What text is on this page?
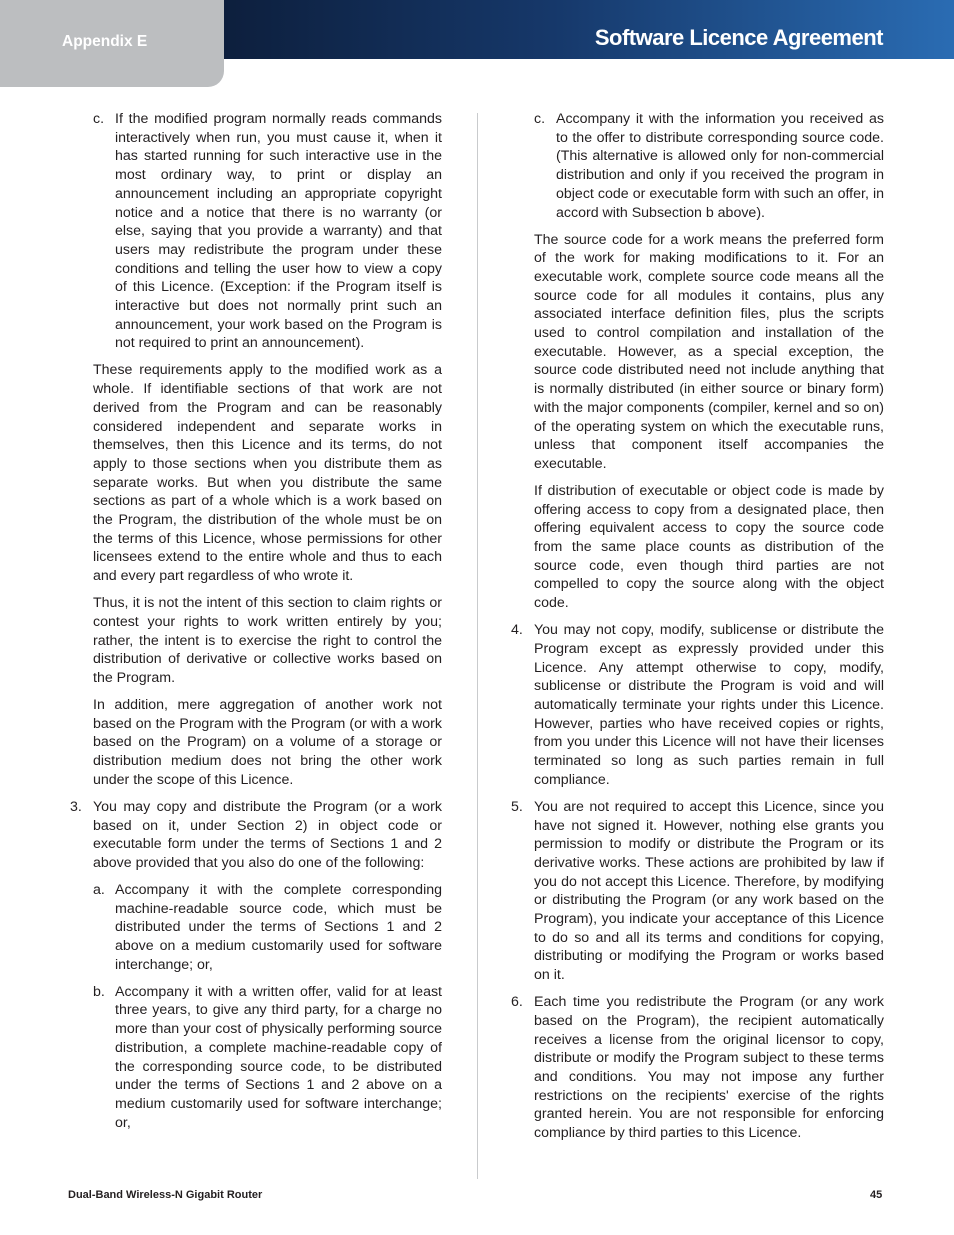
Appendix E	Software Licence Agreement
c. If the modified program normally reads commands interactively when run, you must cause it, when it has started running for such interactive use in the most ordinary way, to print or display an announcement including an appropriate copyright notice and a notice that there is no warranty (or else, saying that you provide a warranty) and that users may redistribute the program under these conditions and telling the user how to view a copy of this Licence. (Exception: if the Program itself is interactive but does not normally print such an announcement, your work based on the Program is not required to print an announcement).

These requirements apply to the modified work as a whole. If identifiable sections of that work are not derived from the Program and can be reasonably considered independent and separate works in themselves, then this Licence and its terms, do not apply to those sections when you distribute them as separate works. But when you distribute the same sections as part of a whole which is a work based on the Program, the distribution of the whole must be on the terms of this Licence, whose permissions for other licensees extend to the entire whole and thus to each and every part regardless of who wrote it.

Thus, it is not the intent of this section to claim rights or contest your rights to work written entirely by you; rather, the intent is to exercise the right to control the distribution of derivative or collective works based on the Program.

In addition, mere aggregation of another work not based on the Program with the Program (or with a work based on the Program) on a volume of a storage or distribution medium does not bring the other work under the scope of this Licence.

3. You may copy and distribute the Program (or a work based on it, under Section 2) in object code or executable form under the terms of Sections 1 and 2 above provided that you also do one of the following:
a. Accompany it with the complete corresponding machine-readable source code, which must be distributed under the terms of Sections 1 and 2 above on a medium customarily used for software interchange; or,
b. Accompany it with a written offer, valid for at least three years, to give any third party, for a charge no more than your cost of physically performing source distribution, a complete machine-readable copy of the corresponding source code, to be distributed under the terms of Sections 1 and 2 above on a medium customarily used for software interchange; or,
c. Accompany it with the information you received as to the offer to distribute corresponding source code. (This alternative is allowed only for non-commercial distribution and only if you received the program in object code or executable form with such an offer, in accord with Subsection b above).

The source code for a work means the preferred form of the work for making modifications to it. For an executable work, complete source code means all the source code for all modules it contains, plus any associated interface definition files, plus the scripts used to control compilation and installation of the executable. However, as a special exception, the source code distributed need not include anything that is normally distributed (in either source or binary form) with the major components (compiler, kernel and so on) of the operating system on which the executable runs, unless that component itself accompanies the executable.

If distribution of executable or object code is made by offering access to copy from a designated place, then offering equivalent access to copy the source code from the same place counts as distribution of the source code, even though third parties are not compelled to copy the source along with the object code.

4. You may not copy, modify, sublicense or distribute the Program except as expressly provided under this Licence. Any attempt otherwise to copy, modify, sublicense or distribute the Program is void and will automatically terminate your rights under this Licence. However, parties who have received copies or rights, from you under this Licence will not have their licenses terminated so long as such parties remain in full compliance.
5. You are not required to accept this Licence, since you have not signed it. However, nothing else grants you permission to modify or distribute the Program or its derivative works. These actions are prohibited by law if you do not accept this Licence. Therefore, by modifying or distributing the Program (or any work based on the Program), you indicate your acceptance of this Licence to do so and all its terms and conditions for copying, distributing or modifying the Program or works based on it.
6. Each time you redistribute the Program (or any work based on the Program), the recipient automatically receives a license from the original licensor to copy, distribute or modify the Program subject to these terms and conditions. You may not impose any further restrictions on the recipients' exercise of the rights granted herein. You are not responsible for enforcing compliance by third parties to this Licence.
Dual-Band Wireless-N Gigabit Router	45
